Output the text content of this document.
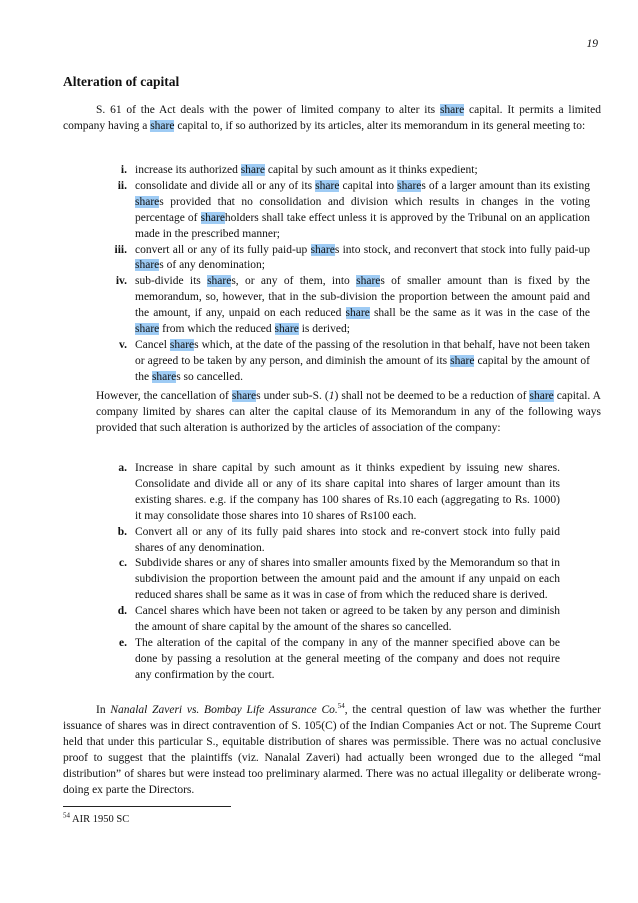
19
Alteration of capital

S. 61 of the Act deals with the power of limited company to alter its share capital. It permits a limited company having a share capital to, if so authorized by its articles, alter its memorandum in its general meeting to:

i. increase its authorized share capital by such amount as it thinks expedient;
ii. consolidate and divide all or any of its share capital into shares of a larger amount than its existing shares provided that no consolidation and division which results in changes in the voting percentage of shareholders shall take effect unless it is approved by the Tribunal on an application made in the prescribed manner;
iii. convert all or any of its fully paid-up shares into stock, and reconvert that stock into fully paid-up shares of any denomination;
iv. sub-divide its shares, or any of them, into shares of smaller amount than is fixed by the memorandum, so, however, that in the sub-division the proportion between the amount paid and the amount, if any, unpaid on each reduced share shall be the same as it was in the case of the share from which the reduced share is derived;
v. Cancel shares which, at the date of the passing of the resolution in that behalf, have not been taken or agreed to be taken by any person, and diminish the amount of its share capital by the amount of the shares so cancelled.

However, the cancellation of shares under sub-S. (1) shall not be deemed to be a reduction of share capital. A company limited by shares can alter the capital clause of its Memorandum in any of the following ways provided that such alteration is authorized by the articles of association of the company:

a. Increase in share capital by such amount as it thinks expedient by issuing new shares. Consolidate and divide all or any of its share capital into shares of larger amount than its existing shares. e.g. if the company has 100 shares of Rs.10 each (aggregating to Rs. 1000) it may consolidate those shares into 10 shares of Rs100 each.
b. Convert all or any of its fully paid shares into stock and re-convert stock into fully paid shares of any denomination.
c. Subdivide shares or any of shares into smaller amounts fixed by the Memorandum so that in subdivision the proportion between the amount paid and the amount if any unpaid on each reduced shares shall be same as it was in case of from which the reduced share is derived.
d. Cancel shares which have been not taken or agreed to be taken by any person and diminish the amount of share capital by the amount of the shares so cancelled.
e. The alteration of the capital of the company in any of the manner specified above can be done by passing a resolution at the general meeting of the company and does not require any confirmation by the court.

In Nanalal Zaveri vs. Bombay Life Assurance Co.$^{54}$, the central question of law was whether the further issuance of shares was in direct contravention of S. 105(C) of the Indian Companies Act or not. The Supreme Court held that under this particular S., equitable distribution of shares was permissible. There was no actual conclusive proof to suggest that the plaintiffs (viz. Nanalal Zaveri) had actually been wronged due to the alleged “mal distribution” of shares but were instead too preliminary alarmed. There was no actual illegality or deliberate wrong-doing ex parte the Directors.

$^{54}$ AIR 1950 SC
